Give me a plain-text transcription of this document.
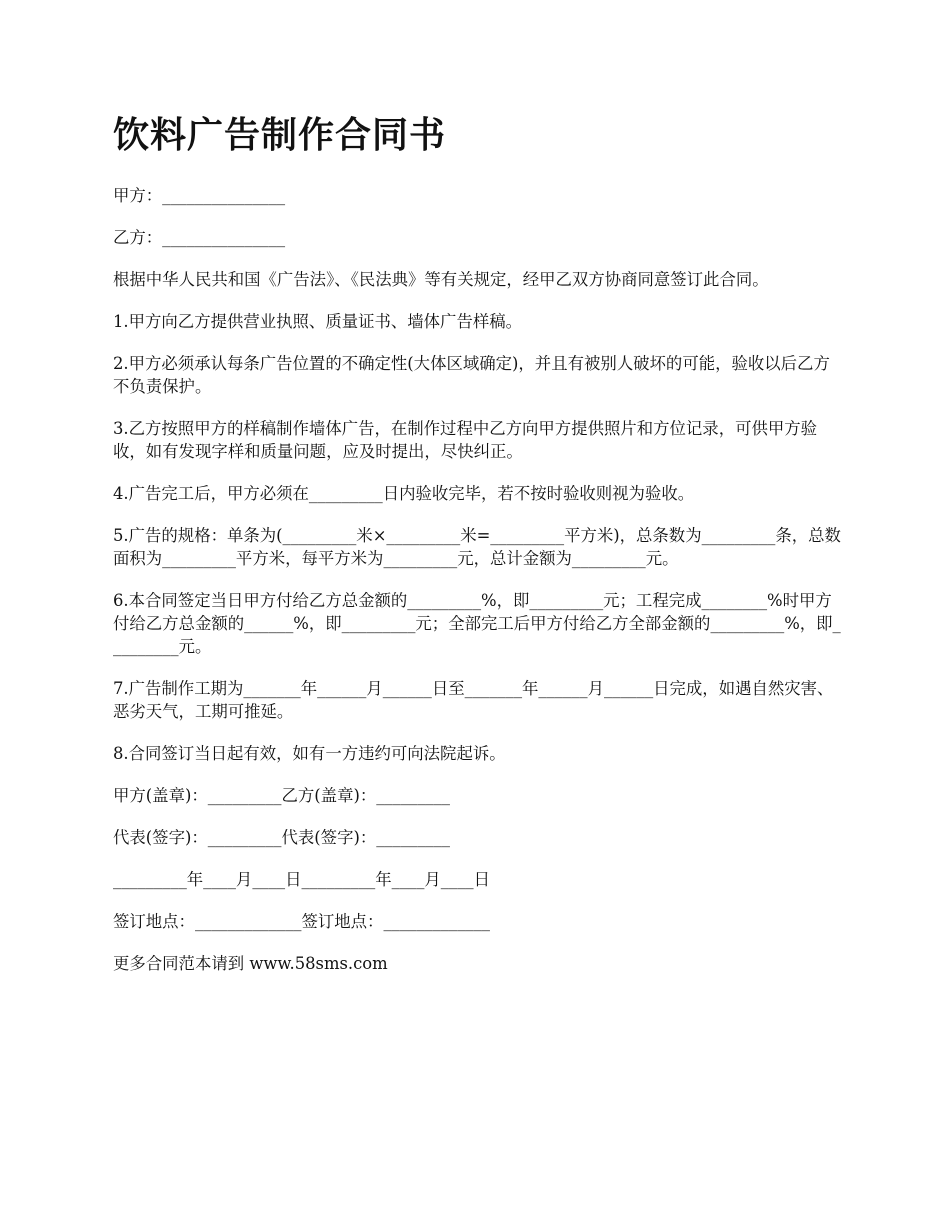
饮料广告制作合同书

甲方：_______________

乙方：_______________

根据中华人民共和国《广告法》、《民法典》等有关规定，经甲乙双方协商同意签订此合同。

1.甲方向乙方提供营业执照、质量证书、墙体广告样稿。

2.甲方必须承认每条广告位置的不确定性(大体区域确定)，并且有被别人破坏的可能，验收以后乙方不负责保护。

3.乙方按照甲方的样稿制作墙体广告，在制作过程中乙方向甲方提供照片和方位记录，可供甲方验收，如有发现字样和质量问题，应及时提出，尽快纠正。

4.广告完工后，甲方必须在_________日内验收完毕，若不按时验收则视为验收。

5.广告的规格：单条为(_________米×_________米=_________平方米)，总条数为_________条，总数面积为_________平方米，每平方米为_________元，总计金额为_________元。

6.本合同签定当日甲方付给乙方总金额的_________%，即_________元；工程完成________%时甲方付给乙方总金额的______%，即_________元；全部完工后甲方付给乙方全部金额的_________%，即_________元。

7.广告制作工期为_______年______月______日至_______年______月______日完成，如遇自然灾害、恶劣天气，工期可推延。

8.合同签订当日起有效，如有一方违约可向法院起诉。

甲方(盖章)：_________乙方(盖章)：_________

代表(签字)：_________代表(签字)：_________

_________年____月____日_________年____月____日

签订地点：_____________签订地点：_____________

更多合同范本请到 www.58sms.com
